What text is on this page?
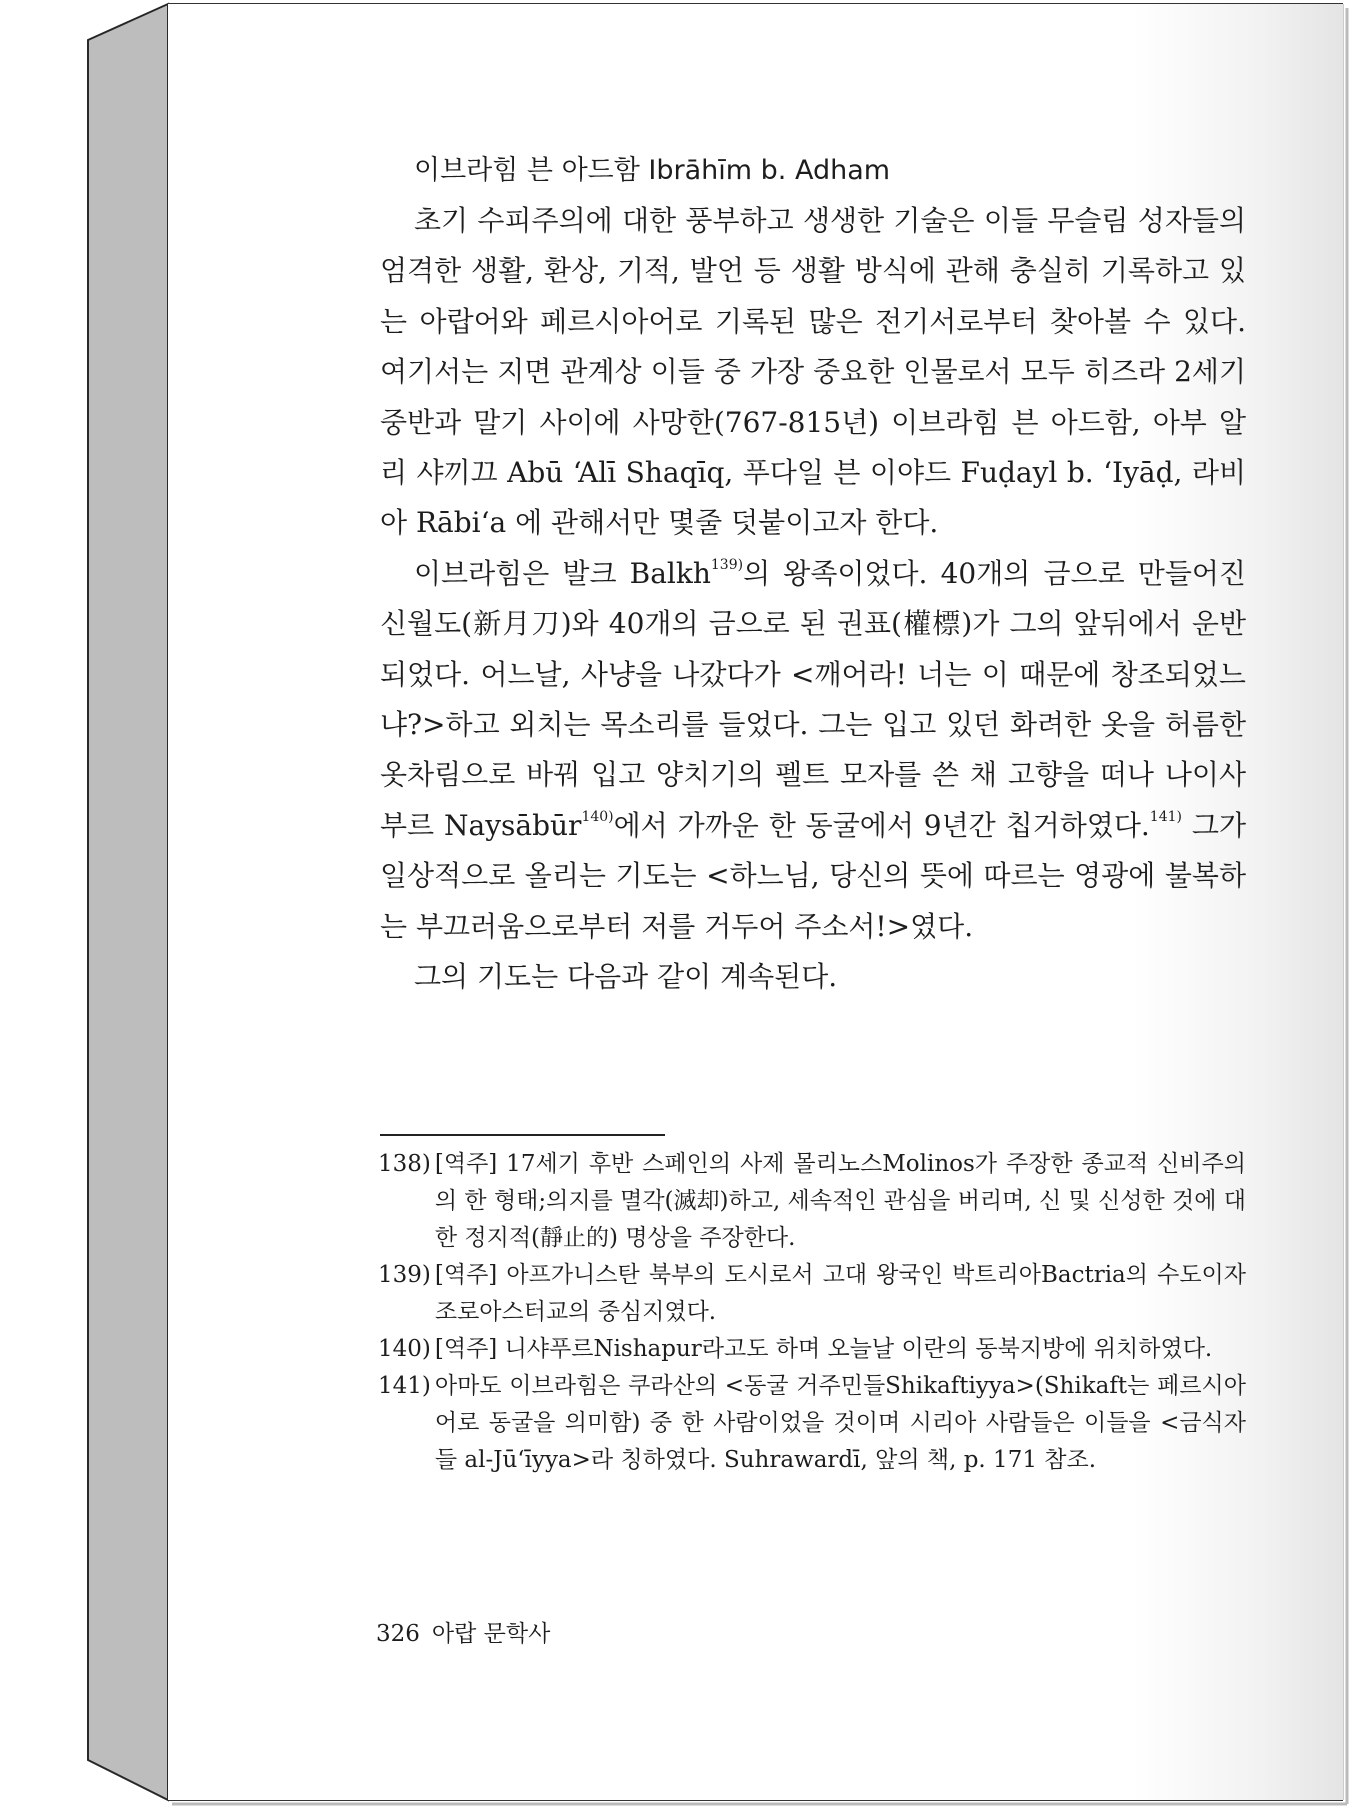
이브라힘 븐 아드함 Ibrāhīm b. Adham

초기 수피주의에 대한 풍부하고 생생한 기술은 이들 무슬림 성자들의 엄격한 생활, 환상, 기적, 발언 등 생활 방식에 관해 충실히 기록하고 있는 아랍어와 페르시아어로 기록된 많은 전기서로부터 찾아볼 수 있다. 여기서는 지면 관계상 이들 중 가장 중요한 인물로서 모두 히즈라 2세기 중반과 말기 사이에 사망한(767-815년) 이브라힘 븐 아드함, 아부 알리 샤끼끄 Abū ‘Alī Shaqīq, 푸다일 븐 이야드 Fuḍayl b. ‘Iyāḍ, 라비아 Rābi‘a 에 관해서만 몇줄 덧붙이고자 한다.

이브라힘은 발크 Balkh$^{139)}$의 왕족이었다. 40개의 금으로 만들어진 신월도(新月刀)와 40개의 금으로 된 권표(權標)가 그의 앞뒤에서 운반되었다. 어느날, 사냥을 나갔다가 <깨어라! 너는 이 때문에 창조되었느냐?>하고 외치는 목소리를 들었다. 그는 입고 있던 화려한 옷을 허름한 옷차림으로 바꿔 입고 양치기의 펠트 모자를 쓴 채 고향을 떠나 나이사부르 Naysābūr$^{140)}$에서 가까운 한 동굴에서 9년간 칩거하였다.$^{141)}$ 그가 일상적으로 올리는 기도는 <하느님, 당신의 뜻에 따르는 영광에 불복하는 부끄러움으로부터 저를 거두어 주소서!>였다.

그의 기도는 다음과 같이 계속된다.

138) [역주] 17세기 후반 스페인의 사제 몰리노스Molinos가 주장한 종교적 신비주의의 한 형태;의지를 멸각(滅却)하고, 세속적인 관심을 버리며, 신 및 신성한 것에 대한 정지적(靜止的) 명상을 주장한다.
139) [역주] 아프가니스탄 북부의 도시로서 고대 왕국인 박트리아Bactria의 수도이자 조로아스터교의 중심지였다.
140) [역주] 니샤푸르Nishapur라고도 하며 오늘날 이란의 동북지방에 위치하였다.
141) 아마도 이브라힘은 쿠라산의 <동굴 거주민들Shikaftiyya>(Shikaft는 페르시아어로 동굴을 의미함) 중 한 사람이었을 것이며 시리아 사람들은 이들을 <금식자들 al-Jū‘īyya>라 칭하였다. Suhrawardī, 앞의 책, p. 171 참조.
326 아랍 문학사
